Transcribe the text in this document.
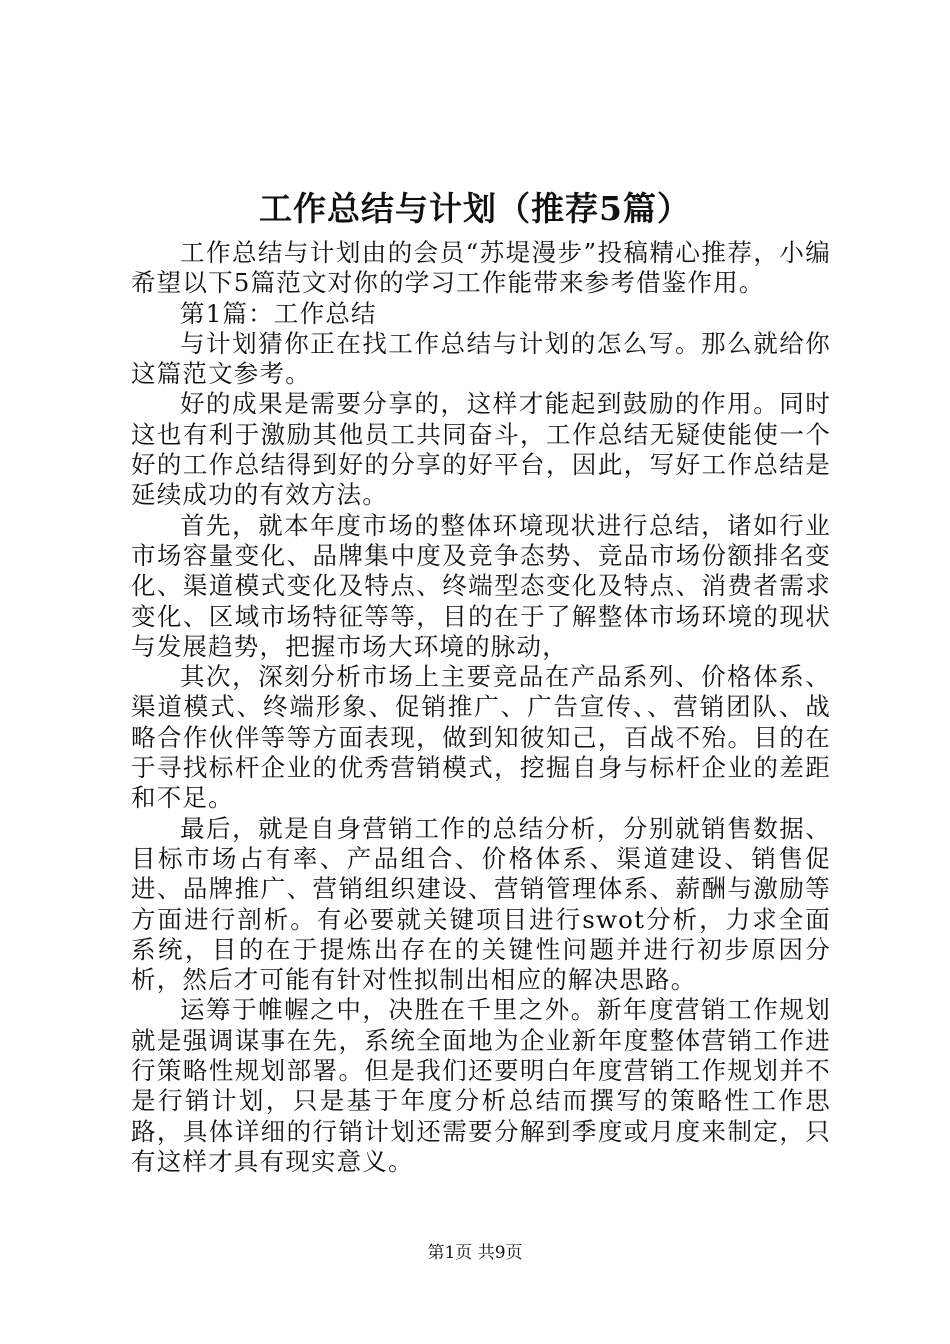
工作总结与计划（推荐5篇）

工作总结与计划由的会员“苏堤漫步”投稿精心推荐，小编希望以下5篇范文对你的学习工作能带来参考借鉴作用。

第1篇：工作总结

与计划猜你正在找工作总结与计划的怎么写。那么就给你这篇范文参考。

好的成果是需要分享的，这样才能起到鼓励的作用。同时这也有利于激励其他员工共同奋斗，工作总结无疑使能使一个好的工作总结得到好的分享的好平台，因此，写好工作总结是延续成功的有效方法。

首先，就本年度市场的整体环境现状进行总结，诸如行业市场容量变化、品牌集中度及竞争态势、竞品市场份额排名变化、渠道模式变化及特点、终端型态变化及特点、消费者需求变化、区域市场特征等等，目的在于了解整体市场环境的现状与发展趋势，把握市场大环境的脉动，

其次，深刻分析市场上主要竞品在产品系列、价格体系、渠道模式、终端形象、促销推广、广告宣传、、营销团队、战略合作伙伴等等方面表现，做到知彼知己，百战不殆。目的在于寻找标杆企业的优秀营销模式，挖掘自身与标杆企业的差距和不足。

最后，就是自身营销工作的总结分析，分别就销售数据、目标市场占有率、产品组合、价格体系、渠道建设、销售促进、品牌推广、营销组织建设、营销管理体系、薪酬与激励等方面进行剖析。有必要就关键项目进行swot分析，力求全面系统，目的在于提炼出存在的关键性问题并进行初步原因分析，然后才可能有针对性拟制出相应的解决思路。

运筹于帷幄之中，决胜在千里之外。新年度营销工作规划就是强调谋事在先，系统全面地为企业新年度整体营销工作进行策略性规划部署。但是我们还要明白年度营销工作规划并不是行销计划，只是基于年度分析总结而撰写的策略性工作思路，具体详细的行销计划还需要分解到季度或月度来制定，只有这样才具有现实意义。

第1页 共9页
